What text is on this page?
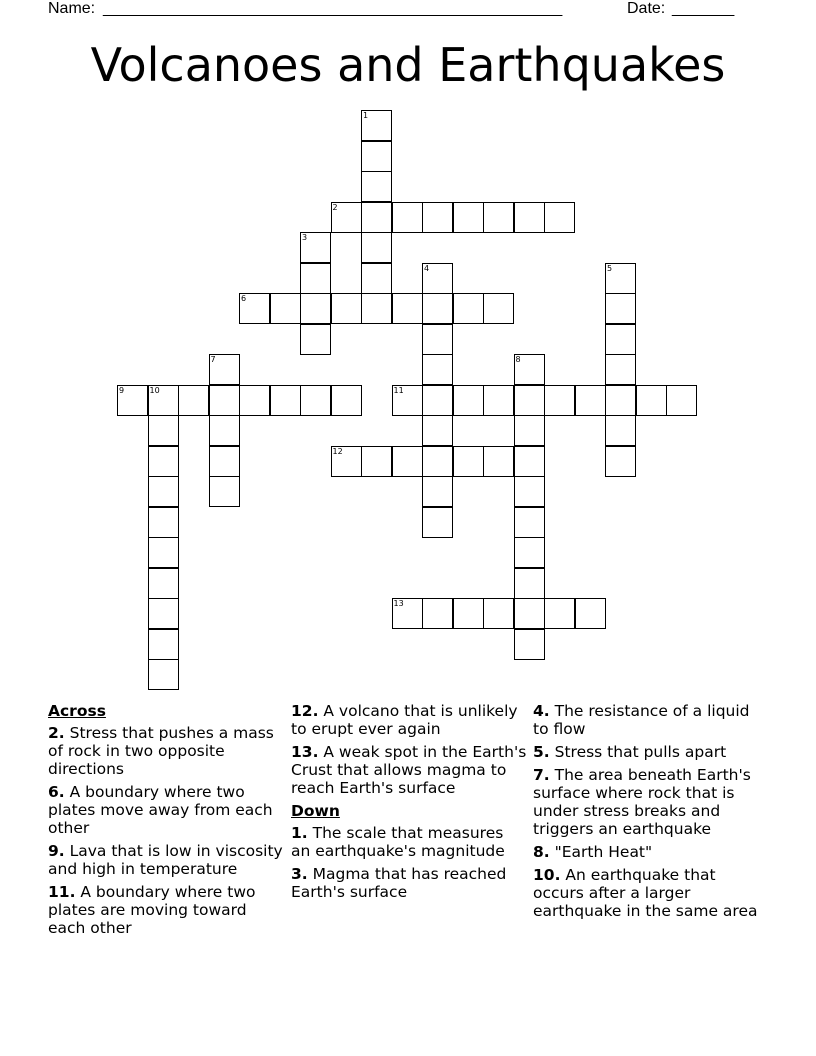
Name: ______________________________________________________	Date: _______
Volcanoes and Earthquakes
1
2
3
4	5
6
7	8
9	10	11
12
13
Across
2. Stress that pushes a mass of rock in two opposite directions
6. A boundary where two plates move away from each other
9. Lava that is low in viscosity and high in temperature
11. A boundary where two plates are moving toward each other
12. A volcano that is unlikely to erupt ever again
13. A weak spot in the Earth's Crust that allows magma to reach Earth's surface
Down
1. The scale that measures an earthquake's magnitude
3. Magma that has reached Earth's surface
4. The resistance of a liquid to flow
5. Stress that pulls apart
7. The area beneath Earth's surface where rock that is under stress breaks and triggers an earthquake
8. "Earth Heat"
10. An earthquake that occurs after a larger earthquake in the same area
